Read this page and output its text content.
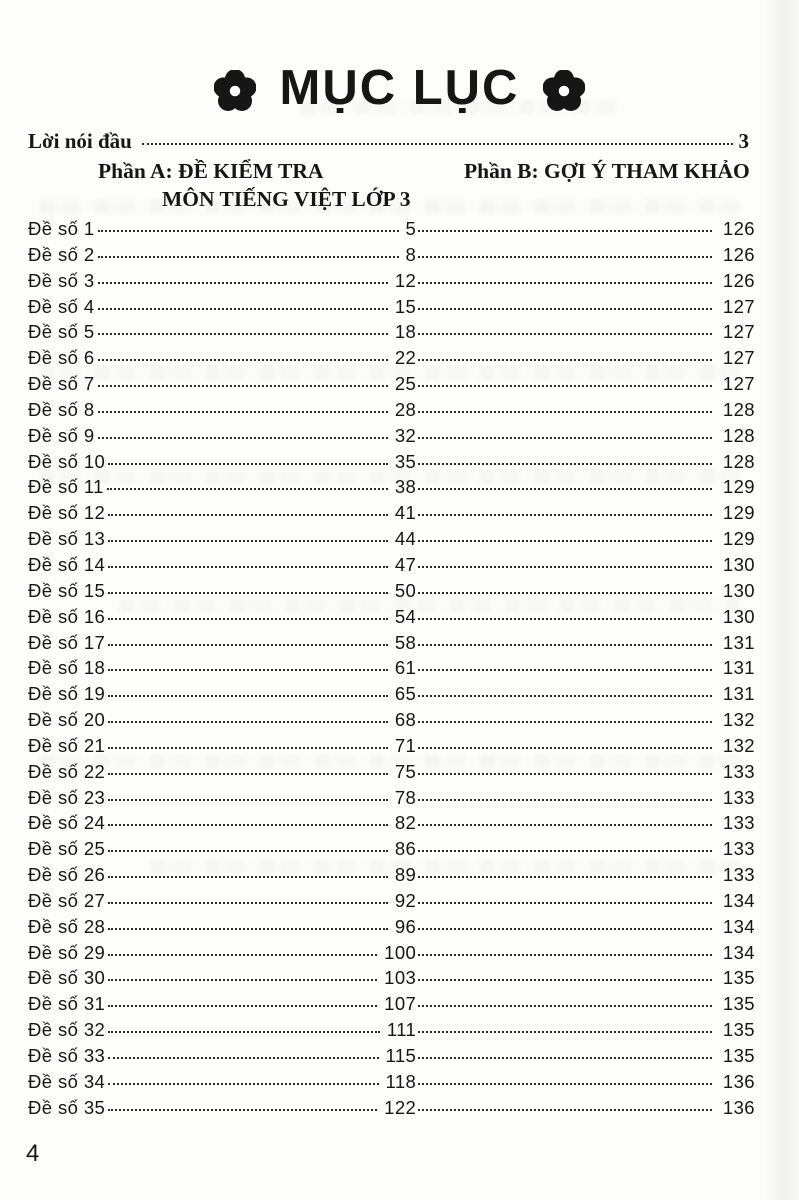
MỤC LỤC
Lời nói đầu	3
Phần A: ĐỀ KIỂM TRA
MÔN TIẾNG VIỆT LỚP 3
Phần B: GỢI Ý THAM KHẢO
Đề số 1	5	126
Đề số 2	8	126
Đề số 3	12	126
Đề số 4	15	127
Đề số 5	18	127
Đề số 6	22	127
Đề số 7	25	127
Đề số 8	28	128
Đề số 9	32	128
Đề số 10	35	128
Đề số 11	38	129
Đề số 12	41	129
Đề số 13	44	129
Đề số 14	47	130
Đề số 15	50	130
Đề số 16	54	130
Đề số 17	58	131
Đề số 18	61	131
Đề số 19	65	131
Đề số 20	68	132
Đề số 21	71	132
Đề số 22	75	133
Đề số 23	78	133
Đề số 24	82	133
Đề số 25	86	133
Đề số 26	89	133
Đề số 27	92	134
Đề số 28	96	134
Đề số 29	100	134
Đề số 30	103	135
Đề số 31	107	135
Đề số 32	111	135
Đề số 33	115	135
Đề số 34	118	136
Đề số 35	122	136
4
